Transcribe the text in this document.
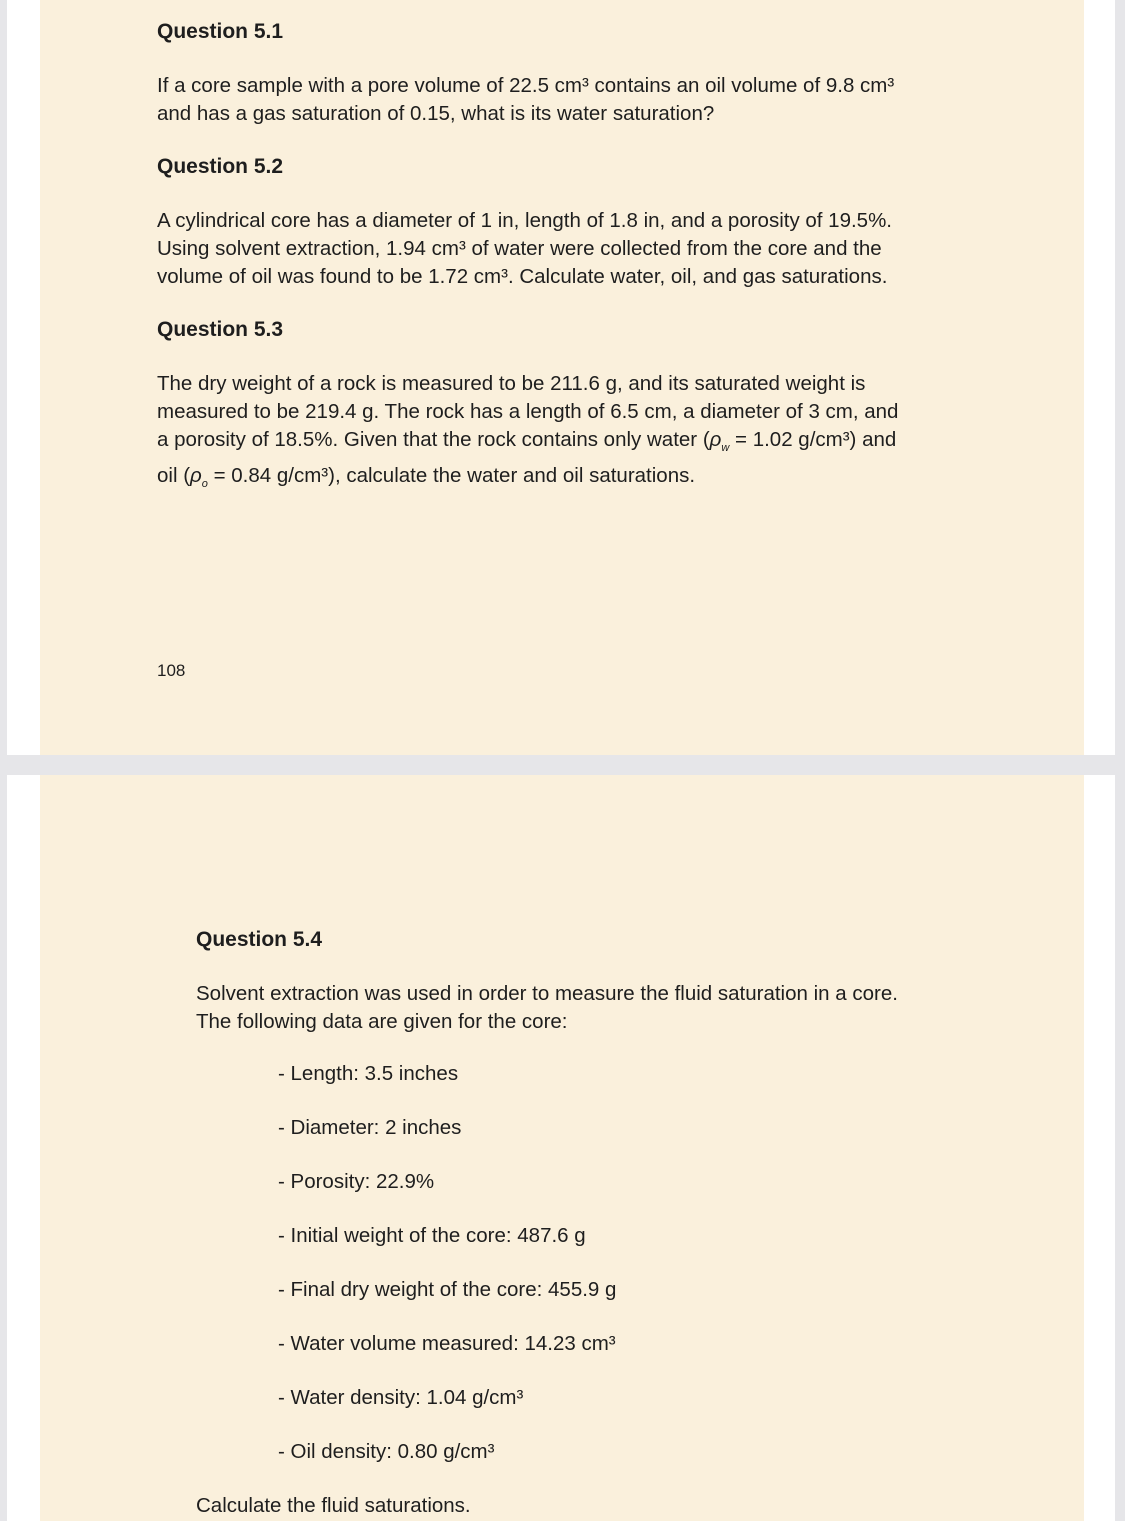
Question 5.1

If a core sample with a pore volume of 22.5 cm³ contains an oil volume of 9.8 cm³
and has a gas saturation of 0.15, what is its water saturation?

Question 5.2

A cylindrical core has a diameter of 1 in, length of 1.8 in, and a porosity of 19.5%.
Using solvent extraction, 1.94 cm³ of water were collected from the core and the
volume of oil was found to be 1.72 cm³. Calculate water, oil, and gas saturations.

Question 5.3

The dry weight of a rock is measured to be 211.6 g, and its saturated weight is
measured to be 219.4 g. The rock has a length of 6.5 cm, a diameter of 3 cm, and
a porosity of 18.5%. Given that the rock contains only water ($\rho_w = 1.02$ g/cm³) and
oil ($\rho_o = 0.84$ g/cm³), calculate the water and oil saturations.

108

Question 5.4

Solvent extraction was used in order to measure the fluid saturation in a core.
The following data are given for the core:

- Length: 3.5 inches
- Diameter: 2 inches
- Porosity: 22.9%
- Initial weight of the core: 487.6 g
- Final dry weight of the core: 455.9 g
- Water volume measured: 14.23 cm³
- Water density: 1.04 g/cm³
- Oil density: 0.80 g/cm³

Calculate the fluid saturations.
